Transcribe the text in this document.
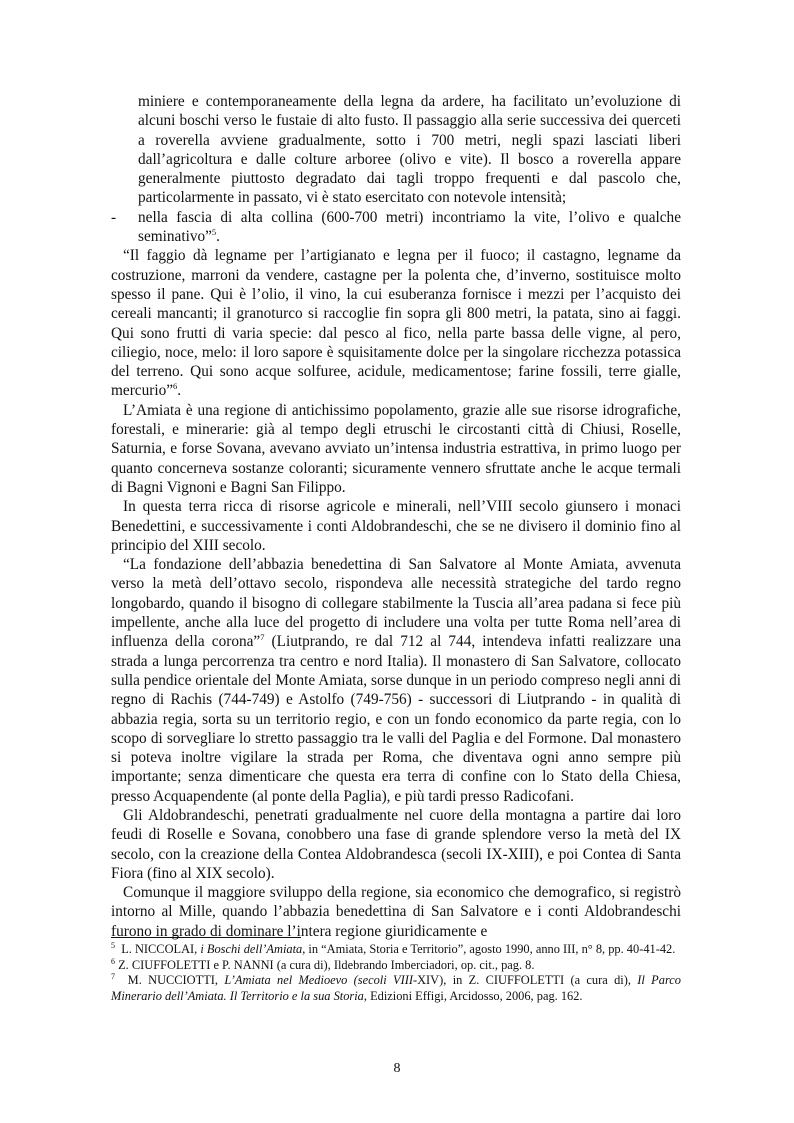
miniere e contemporaneamente della legna da ardere, ha facilitato un’evoluzione di alcuni boschi verso le fustaie di alto fusto. Il passaggio alla serie successiva dei querceti a roverella avviene gradualmente, sotto i 700 metri, negli spazi lasciati liberi dall’agricoltura e dalle colture arboree (olivo e vite). Il bosco a roverella appare generalmente piuttosto degradato dai tagli troppo frequenti e dal pascolo che, particolarmente in passato, vi è stato esercitato con notevole intensità;

-	nella fascia di alta collina (600-700 metri) incontriamo la vite, l’olivo e qualche seminativo”$^5$.

“Il faggio dà legname per l’artigianato e legna per il fuoco; il castagno, legname da costruzione, marroni da vendere, castagne per la polenta che, d’inverno, sostituisce molto spesso il pane. Qui è l’olio, il vino, la cui esuberanza fornisce i mezzi per l’acquisto dei cereali mancanti; il granoturco si raccoglie fin sopra gli 800 metri, la patata, sino ai faggi. Qui sono frutti di varia specie: dal pesco al fico, nella parte bassa delle vigne, al pero, ciliegio, noce, melo: il loro sapore è squisitamente dolce per la singolare ricchezza potassica del terreno. Qui sono acque solfuree, acidule, medicamentose; farine fossili, terre gialle, mercurio”$^6$.

L’Amiata è una regione di antichissimo popolamento, grazie alle sue risorse idrografiche, forestali, e minerarie: già al tempo degli etruschi le circostanti città di Chiusi, Roselle, Saturnia, e forse Sovana, avevano avviato un’intensa industria estrattiva, in primo luogo per quanto concerneva sostanze coloranti; sicuramente vennero sfruttate anche le acque termali di Bagni Vignoni e Bagni San Filippo.

In questa terra ricca di risorse agricole e minerali, nell’VIII secolo giunsero i monaci Benedettini, e successivamente i conti Aldobrandeschi, che se ne divisero il dominio fino al principio del XIII secolo.

“La fondazione dell’abbazia benedettina di San Salvatore al Monte Amiata, avvenuta verso la metà dell’ottavo secolo, rispondeva alle necessità strategiche del tardo regno longobardo, quando il bisogno di collegare stabilmente la Tuscia all’area padana si fece più impellente, anche alla luce del progetto di includere una volta per tutte Roma nell’area di influenza della corona”$^7$ (Liutprando, re dal 712 al 744, intendeva infatti realizzare una strada a lunga percorrenza tra centro e nord Italia). Il monastero di San Salvatore, collocato sulla pendice orientale del Monte Amiata, sorse dunque in un periodo compreso negli anni di regno di Rachis (744-749) e Astolfo (749-756) - successori di Liutprando - in qualità di abbazia regia, sorta su un territorio regio, e con un fondo economico da parte regia, con lo scopo di sorvegliare lo stretto passaggio tra le valli del Paglia e del Formone. Dal monastero si poteva inoltre vigilare la strada per Roma, che diventava ogni anno sempre più importante; senza dimenticare che questa era terra di confine con lo Stato della Chiesa, presso Acquapendente (al ponte della Paglia), e più tardi presso Radicofani.

Gli Aldobrandeschi, penetrati gradualmente nel cuore della montagna a partire dai loro feudi di Roselle e Sovana, conobbero una fase di grande splendore verso la metà del IX secolo, con la creazione della Contea Aldobrandesca (secoli IX-XIII), e poi Contea di Santa Fiora (fino al XIX secolo).

Comunque il maggiore sviluppo della regione, sia economico che demografico, si registrò intorno al Mille, quando l’abbazia benedettina di San Salvatore e i conti Aldobrandeschi furono in grado di dominare l’intera regione giuridicamente e

$^5$ L. NICCOLAI, i Boschi dell’Amiata, in “Amiata, Storia e Territorio”, agosto 1990, anno III, n° 8, pp. 40-41-42.

$^6$ Z. CIUFFOLETTI e P. NANNI (a cura di), Ildebrando Imberciadori, op. cit., pag. 8.

$^7$ M. NUCCIOTTI, L’Amiata nel Medioevo (secoli VIII-XIV), in Z. CIUFFOLETTI (a cura di), Il Parco Minerario dell’Amiata. Il Territorio e la sua Storia, Edizioni Effigi, Arcidosso, 2006, pag. 162.

8
